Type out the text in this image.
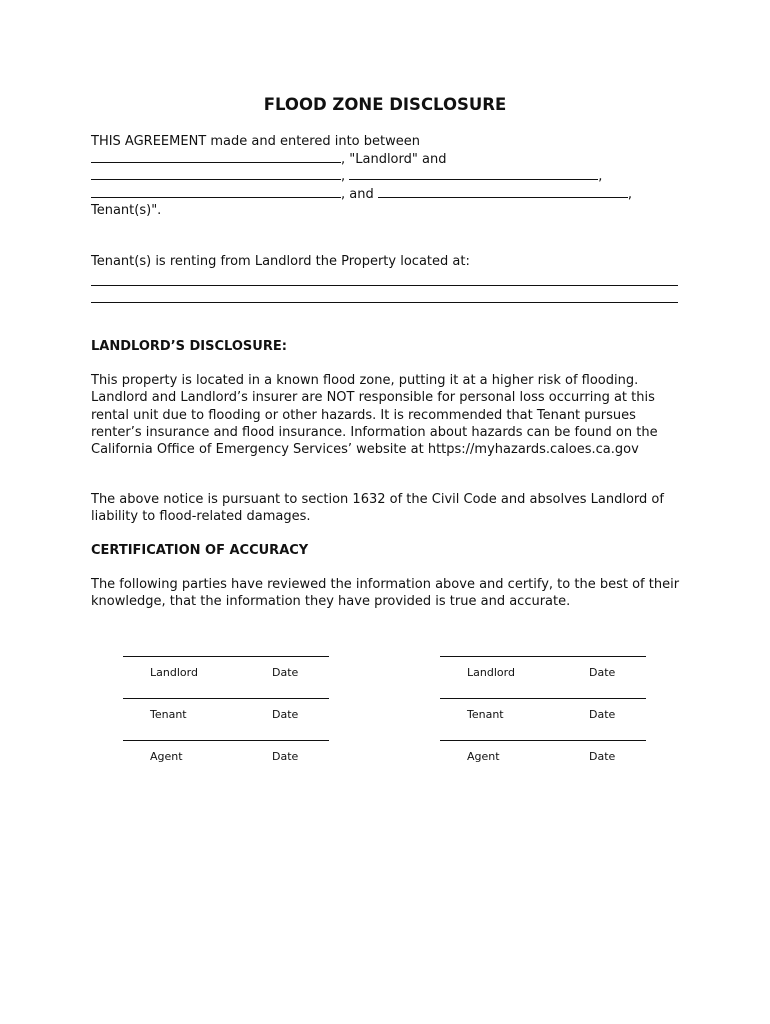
FLOOD ZONE DISCLOSURE
THIS AGREEMENT made and entered into between
, "Landlord" and
,	,
, and	,
Tenant(s)".
Tenant(s) is renting from Landlord the Property located at:
LANDLORD’S DISCLOSURE:

This property is located in a known flood zone, putting it at a higher risk of flooding. Landlord and Landlord’s insurer are NOT responsible for personal loss occurring at this rental unit due to flooding or other hazards. It is recommended that Tenant pursues renter’s insurance and flood insurance. Information about hazards can be found on the California Office of Emergency Services’ website at https://myhazards.caloes.ca.gov

The above notice is pursuant to section 1632 of the Civil Code and absolves Landlord of liability to flood-related damages.

CERTIFICATION OF ACCURACY

The following parties have reviewed the information above and certify, to the best of their knowledge, that the information they have provided is true and accurate.

Landlord	Date
Tenant	Date
Agent	Date
Landlord	Date
Tenant	Date
Agent	Date
